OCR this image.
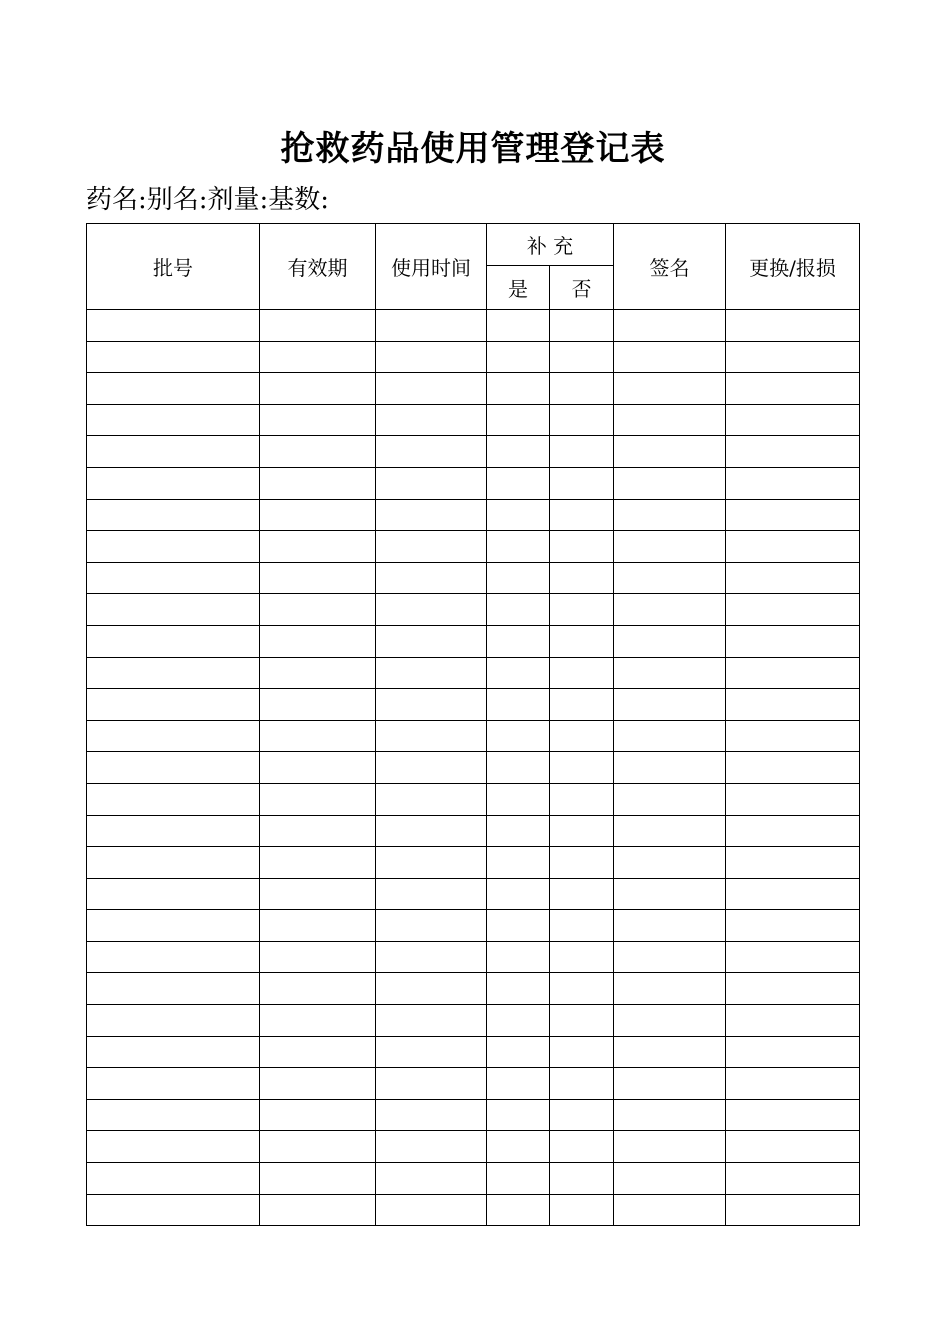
抢救药品使用管理登记表
药名:别名:剂量:基数:
批号	有效期	使用时间	补 充		签名	更换/报损
			是	否		
